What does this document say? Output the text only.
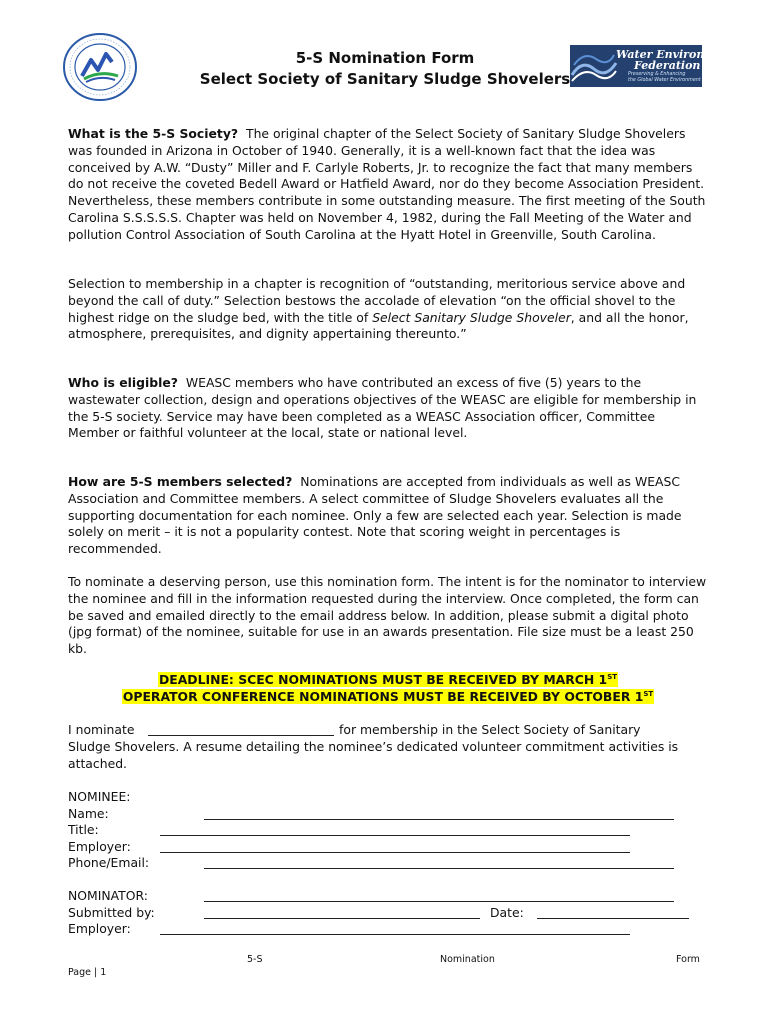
Water Environment
Federation
Preserving & Enhancing
the Global Water Environment
5-S Nomination Form
Select Society of Sanitary Sludge Shovelers
What is the 5-S Society? The original chapter of the Select Society of Sanitary Sludge Shovelers was founded in Arizona in October of 1940. Generally, it is a well-known fact that the idea was conceived by A.W. “Dusty” Miller and F. Carlyle Roberts, Jr. to recognize the fact that many members do not receive the coveted Bedell Award or Hatfield Award, nor do they become Association President. Nevertheless, these members contribute in some outstanding measure. The first meeting of the South Carolina S.S.S.S.S. Chapter was held on November 4, 1982, during the Fall Meeting of the Water and pollution Control Association of South Carolina at the Hyatt Hotel in Greenville, South Carolina.
Selection to membership in a chapter is recognition of “outstanding, meritorious service above and beyond the call of duty.” Selection bestows the accolade of elevation “on the official shovel to the highest ridge on the sludge bed, with the title of Select Sanitary Sludge Shoveler, and all the honor, atmosphere, prerequisites, and dignity appertaining thereunto.”
Who is eligible? WEASC members who have contributed an excess of five (5) years to the wastewater collection, design and operations objectives of the WEASC are eligible for membership in the 5-S society. Service may have been completed as a WEASC Association officer, Committee Member or faithful volunteer at the local, state or national level.
How are 5-S members selected? Nominations are accepted from individuals as well as WEASC Association and Committee members. A select committee of Sludge Shovelers evaluates all the supporting documentation for each nominee. Only a few are selected each year. Selection is made solely on merit – it is not a popularity contest. Note that scoring weight in percentages is recommended.
To nominate a deserving person, use this nomination form. The intent is for the nominator to interview the nominee and fill in the information requested during the interview. Once completed, the form can be saved and emailed directly to the email address below. In addition, please submit a digital photo (jpg format) of the nominee, suitable for use in an awards presentation. File size must be a least 250 kb.
DEADLINE: SCEC NOMINATIONS MUST BE RECEIVED BY MARCH 1ST
OPERATOR CONFERENCE NOMINATIONS MUST BE RECEIVED BY OCTOBER 1ST
I nominate	for membership in the Select Society of Sanitary
Sludge Shovelers. A resume detailing the nominee’s dedicated volunteer commitment activities is attached.
NOMINEE:
Name:
Title:
Employer:
Phone/Email:
NOMINATOR:
Submitted by:	Date:
Employer:
5-S	Nomination	Form
Page | 1
